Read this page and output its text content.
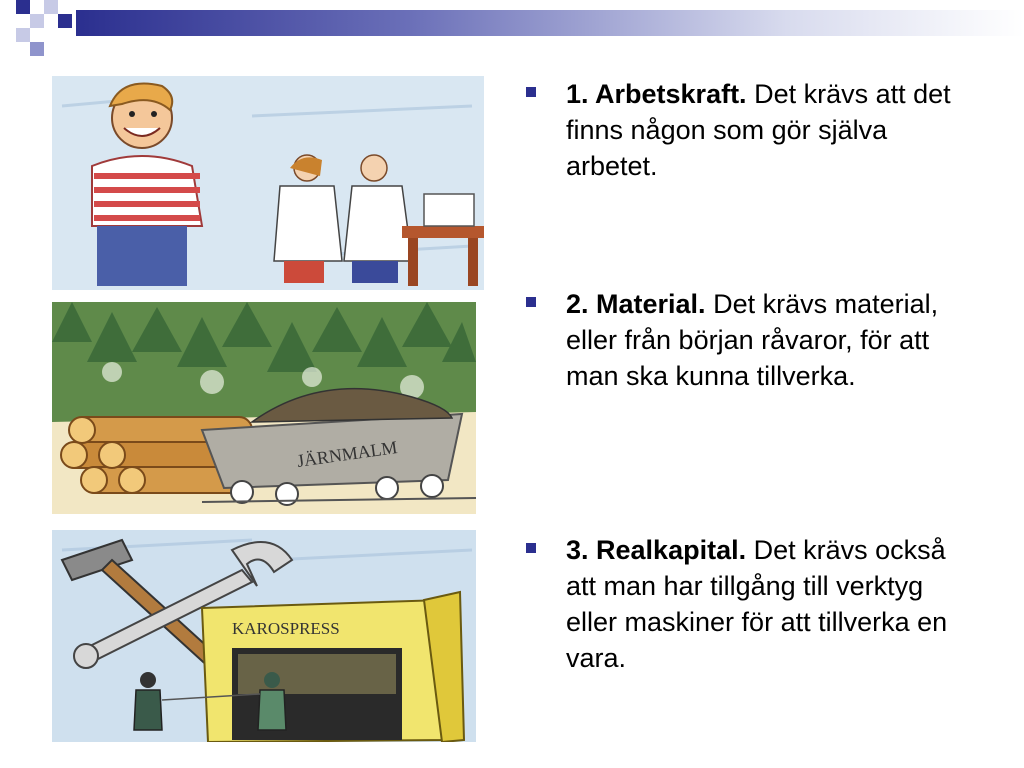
JÄRNMALM
KAROSPRESS
1. Arbetskraft. Det krävs att det finns någon som gör själva arbetet.
2. Material. Det krävs material, eller från början råvaror, för att man ska kunna tillverka.
3. Realkapital. Det krävs också att man har tillgång till verktyg eller maskiner för att tillverka en vara.
